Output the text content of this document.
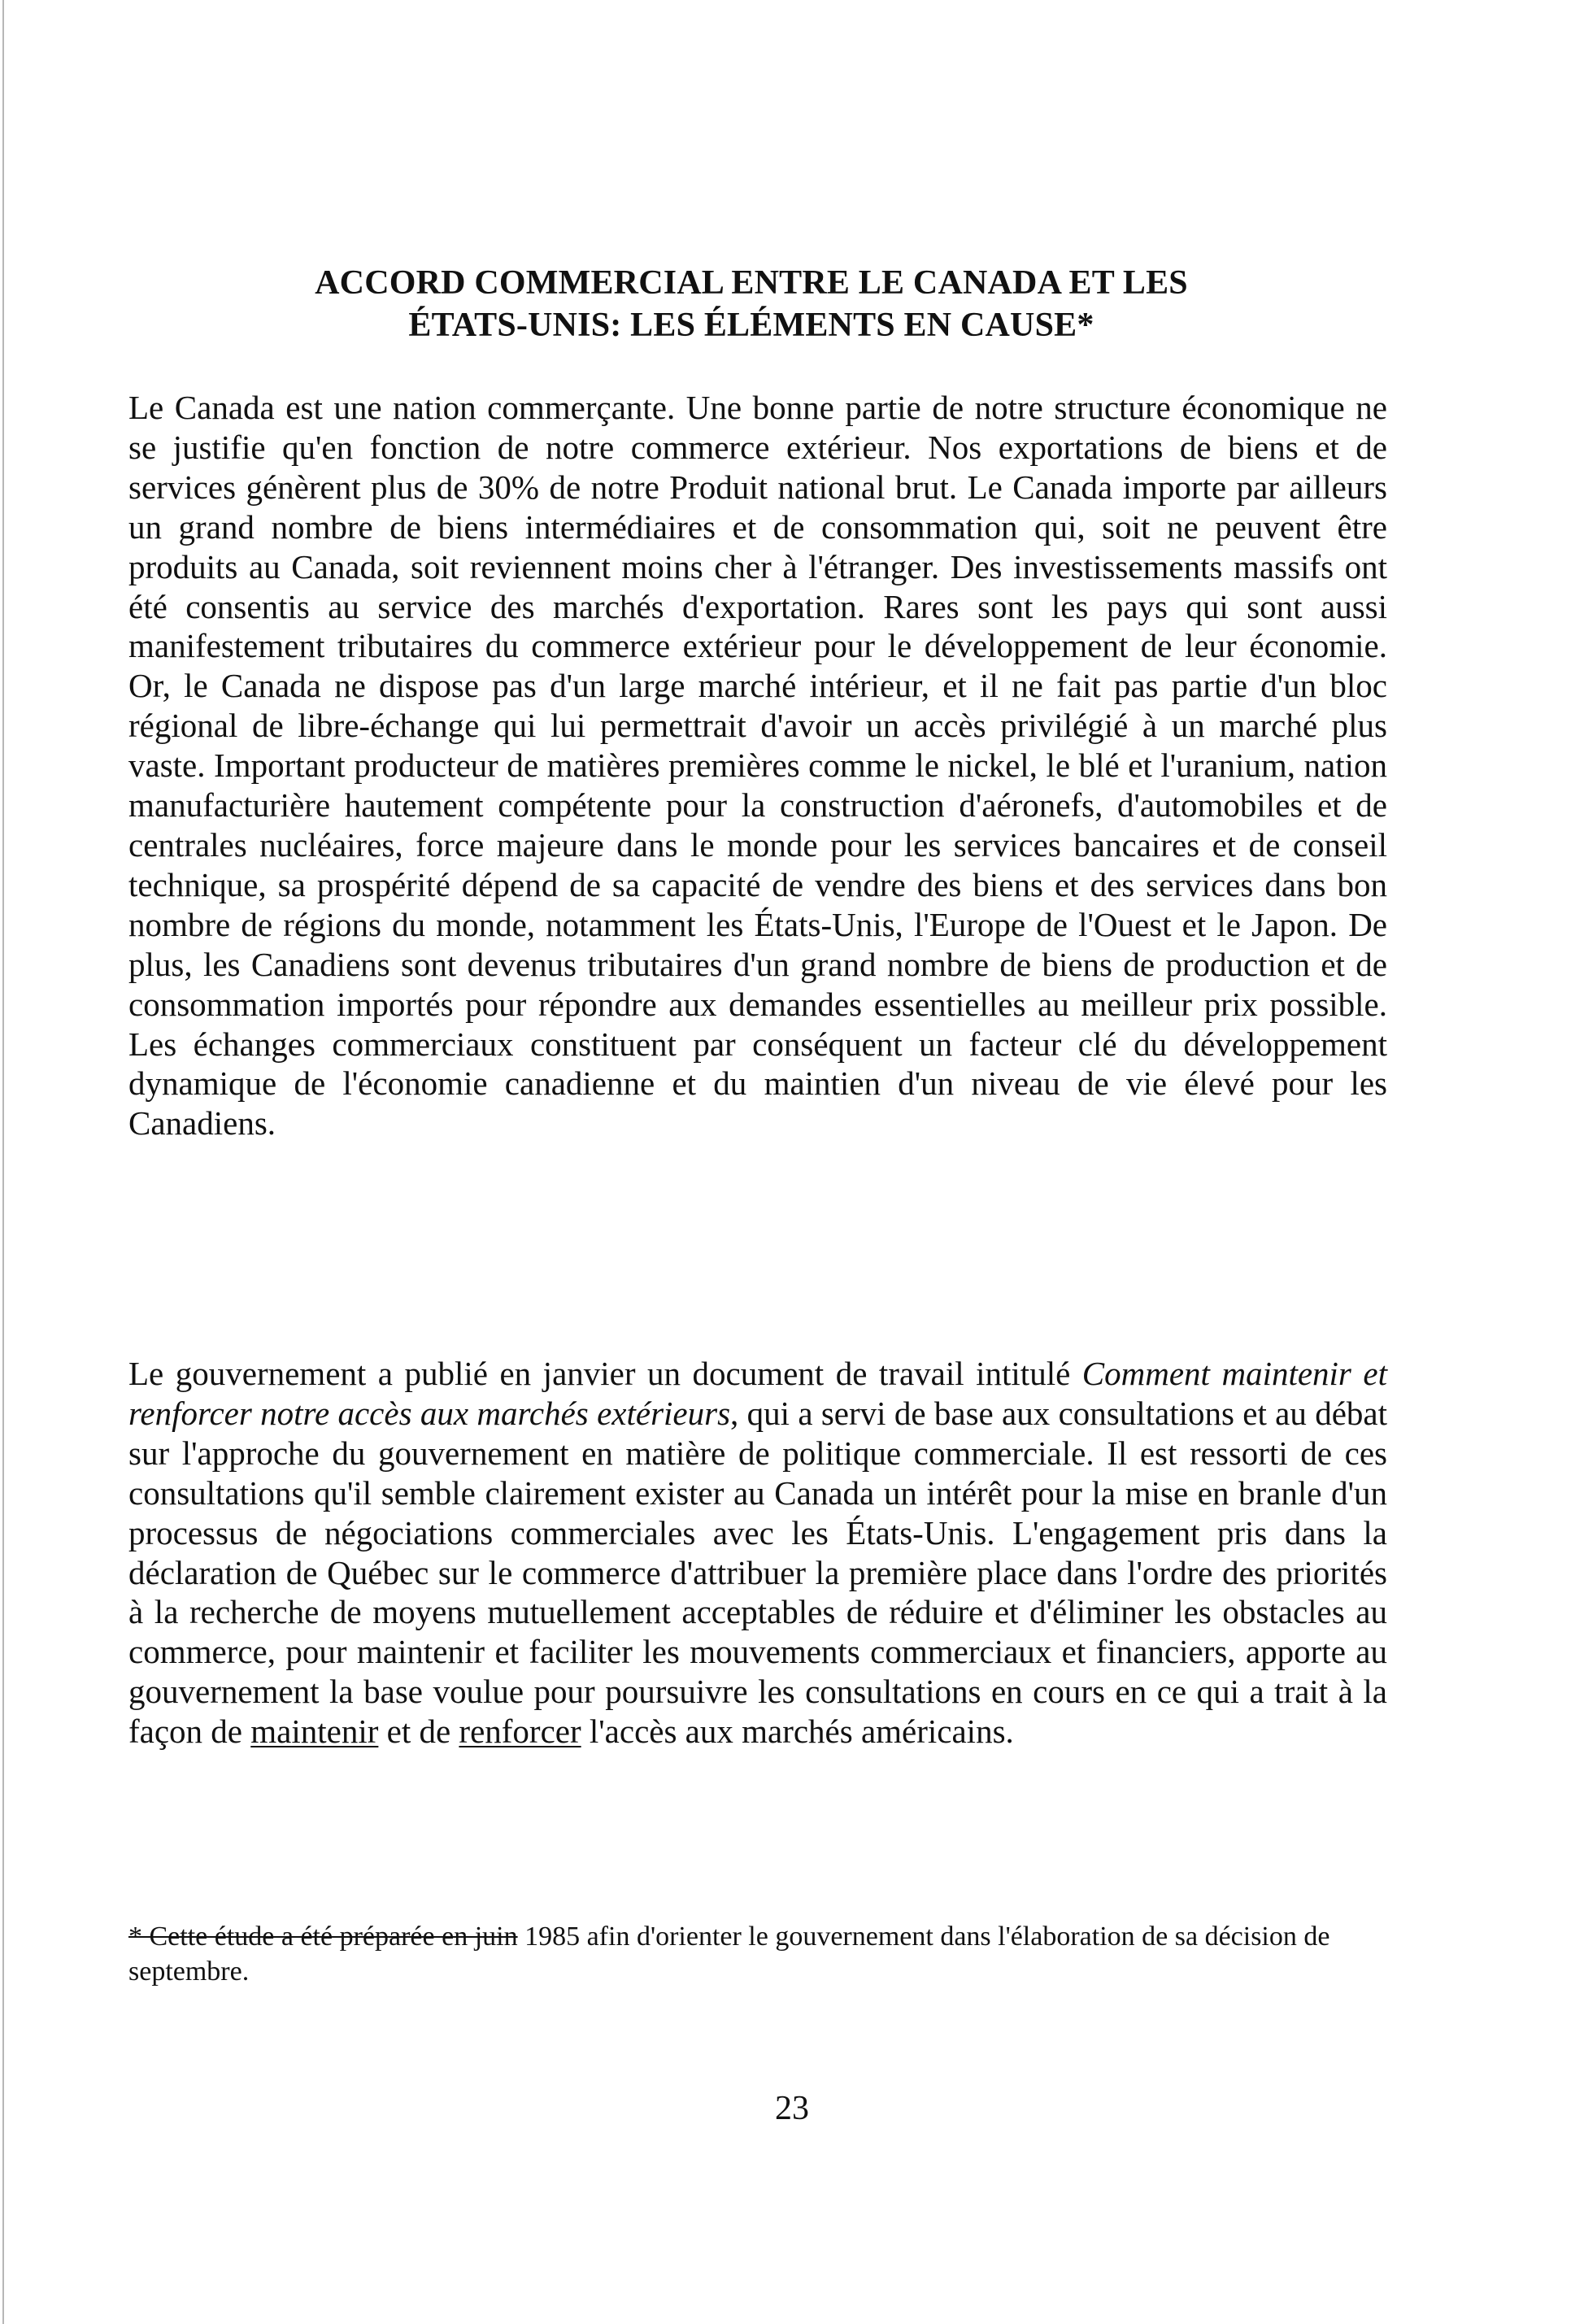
ACCORD COMMERCIAL ENTRE LE CANADA ET LES
ÉTATS-UNIS: LES ÉLÉMENTS EN CAUSE*

Le Canada est une nation commerçante. Une bonne partie de notre structure économique ne se justifie qu'en fonction de notre commerce extérieur. Nos exportations de biens et de services génèrent plus de 30% de notre Produit national brut. Le Canada importe par ailleurs un grand nombre de biens intermédiaires et de consommation qui, soit ne peuvent être produits au Canada, soit reviennent moins cher à l'étranger. Des investissements massifs ont été consentis au service des marchés d'exportation. Rares sont les pays qui sont aussi manifestement tributaires du commerce extérieur pour le développement de leur économie. Or, le Canada ne dispose pas d'un large marché intérieur, et il ne fait pas partie d'un bloc régional de libre-échange qui lui permettrait d'avoir un accès privilégié à un marché plus vaste. Important producteur de matières premières comme le nickel, le blé et l'uranium, nation manufacturière hautement compétente pour la construction d'aéronefs, d'automobiles et de centrales nucléaires, force majeure dans le monde pour les services bancaires et de conseil technique, sa prospérité dépend de sa capacité de vendre des biens et des services dans bon nombre de régions du monde, notamment les États-Unis, l'Europe de l'Ouest et le Japon. De plus, les Canadiens sont devenus tributaires d'un grand nombre de biens de production et de consommation importés pour répondre aux demandes essentielles au meilleur prix possible. Les échanges commerciaux constituent par conséquent un facteur clé du développement dynamique de l'économie canadienne et du maintien d'un niveau de vie élevé pour les Canadiens.

Le gouvernement a publié en janvier un document de travail intitulé Comment maintenir et renforcer notre accès aux marchés extérieurs, qui a servi de base aux consultations et au débat sur l'approche du gouvernement en matière de politique commerciale. Il est ressorti de ces consultations qu'il semble clairement exister au Canada un intérêt pour la mise en branle d'un processus de négociations commerciales avec les États-Unis. L'engagement pris dans la déclaration de Québec sur le commerce d'attribuer la première place dans l'ordre des priorités à la recherche de moyens mutuellement acceptables de réduire et d'éliminer les obstacles au commerce, pour maintenir et faciliter les mouvements commerciaux et financiers, apporte au gouvernement la base voulue pour poursuivre les consultations en cours en ce qui a trait à la façon de maintenir et de renforcer l'accès aux marchés américains.

* Cette étude a été préparée en juin 1985 afin d'orienter le gouvernement dans l'élaboration de sa décision de septembre.

23
